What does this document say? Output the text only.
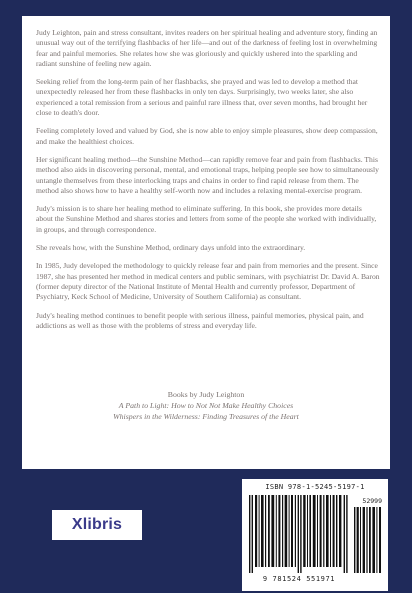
Judy Leighton, pain and stress consultant, invites readers on her spiritual healing and adventure story, finding an unusual way out of the terrifying flashbacks of her life—and out of the darkness of feeling lost in overwhelming fear and painful memories. She relates how she was gloriously and quickly ushered into the sparkling and radiant sunshine of feeling new again.

Seeking relief from the long-term pain of her flashbacks, she prayed and was led to develop a method that unexpectedly released her from these flashbacks in only ten days. Surprisingly, two weeks later, she also experienced a total remission from a serious and painful rare illness that, over seven months, had brought her close to death's door.

Feeling completely loved and valued by God, she is now able to enjoy simple pleasures, show deep compassion, and make the healthiest choices.

Her significant healing method—the Sunshine Method—can rapidly remove fear and pain from flashbacks. This method also aids in discovering personal, mental, and emotional traps, helping people see how to simultaneously untangle themselves from these interlocking traps and chains in order to find rapid release from them. The method also shows how to have a healthy self-worth now and includes a relaxing mental-exercise program.

Judy's mission is to share her healing method to eliminate suffering. In this book, she provides more details about the Sunshine Method and shares stories and letters from some of the people she worked with individually, in groups, and through correspondence.

She reveals how, with the Sunshine Method, ordinary days unfold into the extraordinary.

In 1985, Judy developed the methodology to quickly release fear and pain from memories and the present. Since 1987, she has presented her method in medical centers and public seminars, with psychiatrist Dr. David A. Baron (former deputy director of the National Institute of Mental Health and currently professor, Department of Psychiatry, Keck School of Medicine, University of Southern California) as consultant.

Judy's healing method continues to benefit people with serious illness, painful memories, physical pain, and addictions as well as those with the problems of stress and everyday life.

Books by Judy Leighton
A Path to Light: How to Not Not Make Healthy Choices
Whispers in the Wilderness: Finding Treasures of the Heart
Xlibris
ISBN 978-1-5245-5197-1
52999
9 781524 551971
